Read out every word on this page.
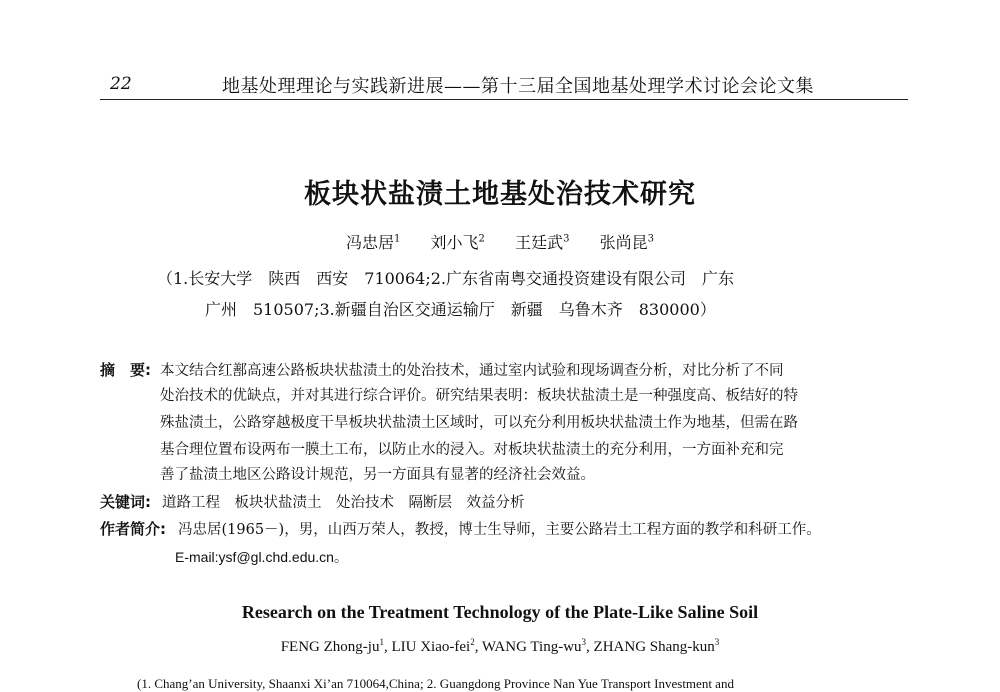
22	地基处理理论与实践新进展——第十三届全国地基处理学术讨论会论文集
板块状盐渍土地基处治技术研究
冯忠居$^1$ 刘小飞$^2$ 王廷武$^3$ 张尚昆$^3$
（1.长安大学　陕西　西安　710064;2.广东省南粤交通投资建设有限公司　广东
广州　510507;3.新疆自治区交通运输厅　新疆　乌鲁木齐　830000）
摘　要: 本文结合红鄯高速公路板块状盐渍土的处治技术，通过室内试验和现场调查分析，对比分析了不同
处治技术的优缺点，并对其进行综合评价。研究结果表明：板块状盐渍土是一种强度高、板结好的特
殊盐渍土，公路穿越极度干旱板块状盐渍土区域时，可以充分利用板块状盐渍土作为地基，但需在路
基合理位置布设两布一膜土工布，以防止水的浸入。对板块状盐渍土的充分利用，一方面补充和完
善了盐渍土地区公路设计规范，另一方面具有显著的经济社会效益。
关键词: 道路工程　板块状盐渍土　处治技术　隔断层　效益分析
作者简介: 冯忠居(1965－)，男，山西万荣人，教授，博士生导师，主要公路岩土工程方面的教学和科研工作。
E-mail:ysf@gl.chd.edu.cn。
Research on the Treatment Technology of the Plate-Like Saline Soil
FENG Zhong-$ju^1$, LIU Xiao-fei$^2$, WANG Ting-$wu^3$, ZHANG Shang-kun$^3$
(1. Chang’an University, Shaanxi Xi’an 710064,China; 2. Guangdong Province Nan Yue Transport Investment and
